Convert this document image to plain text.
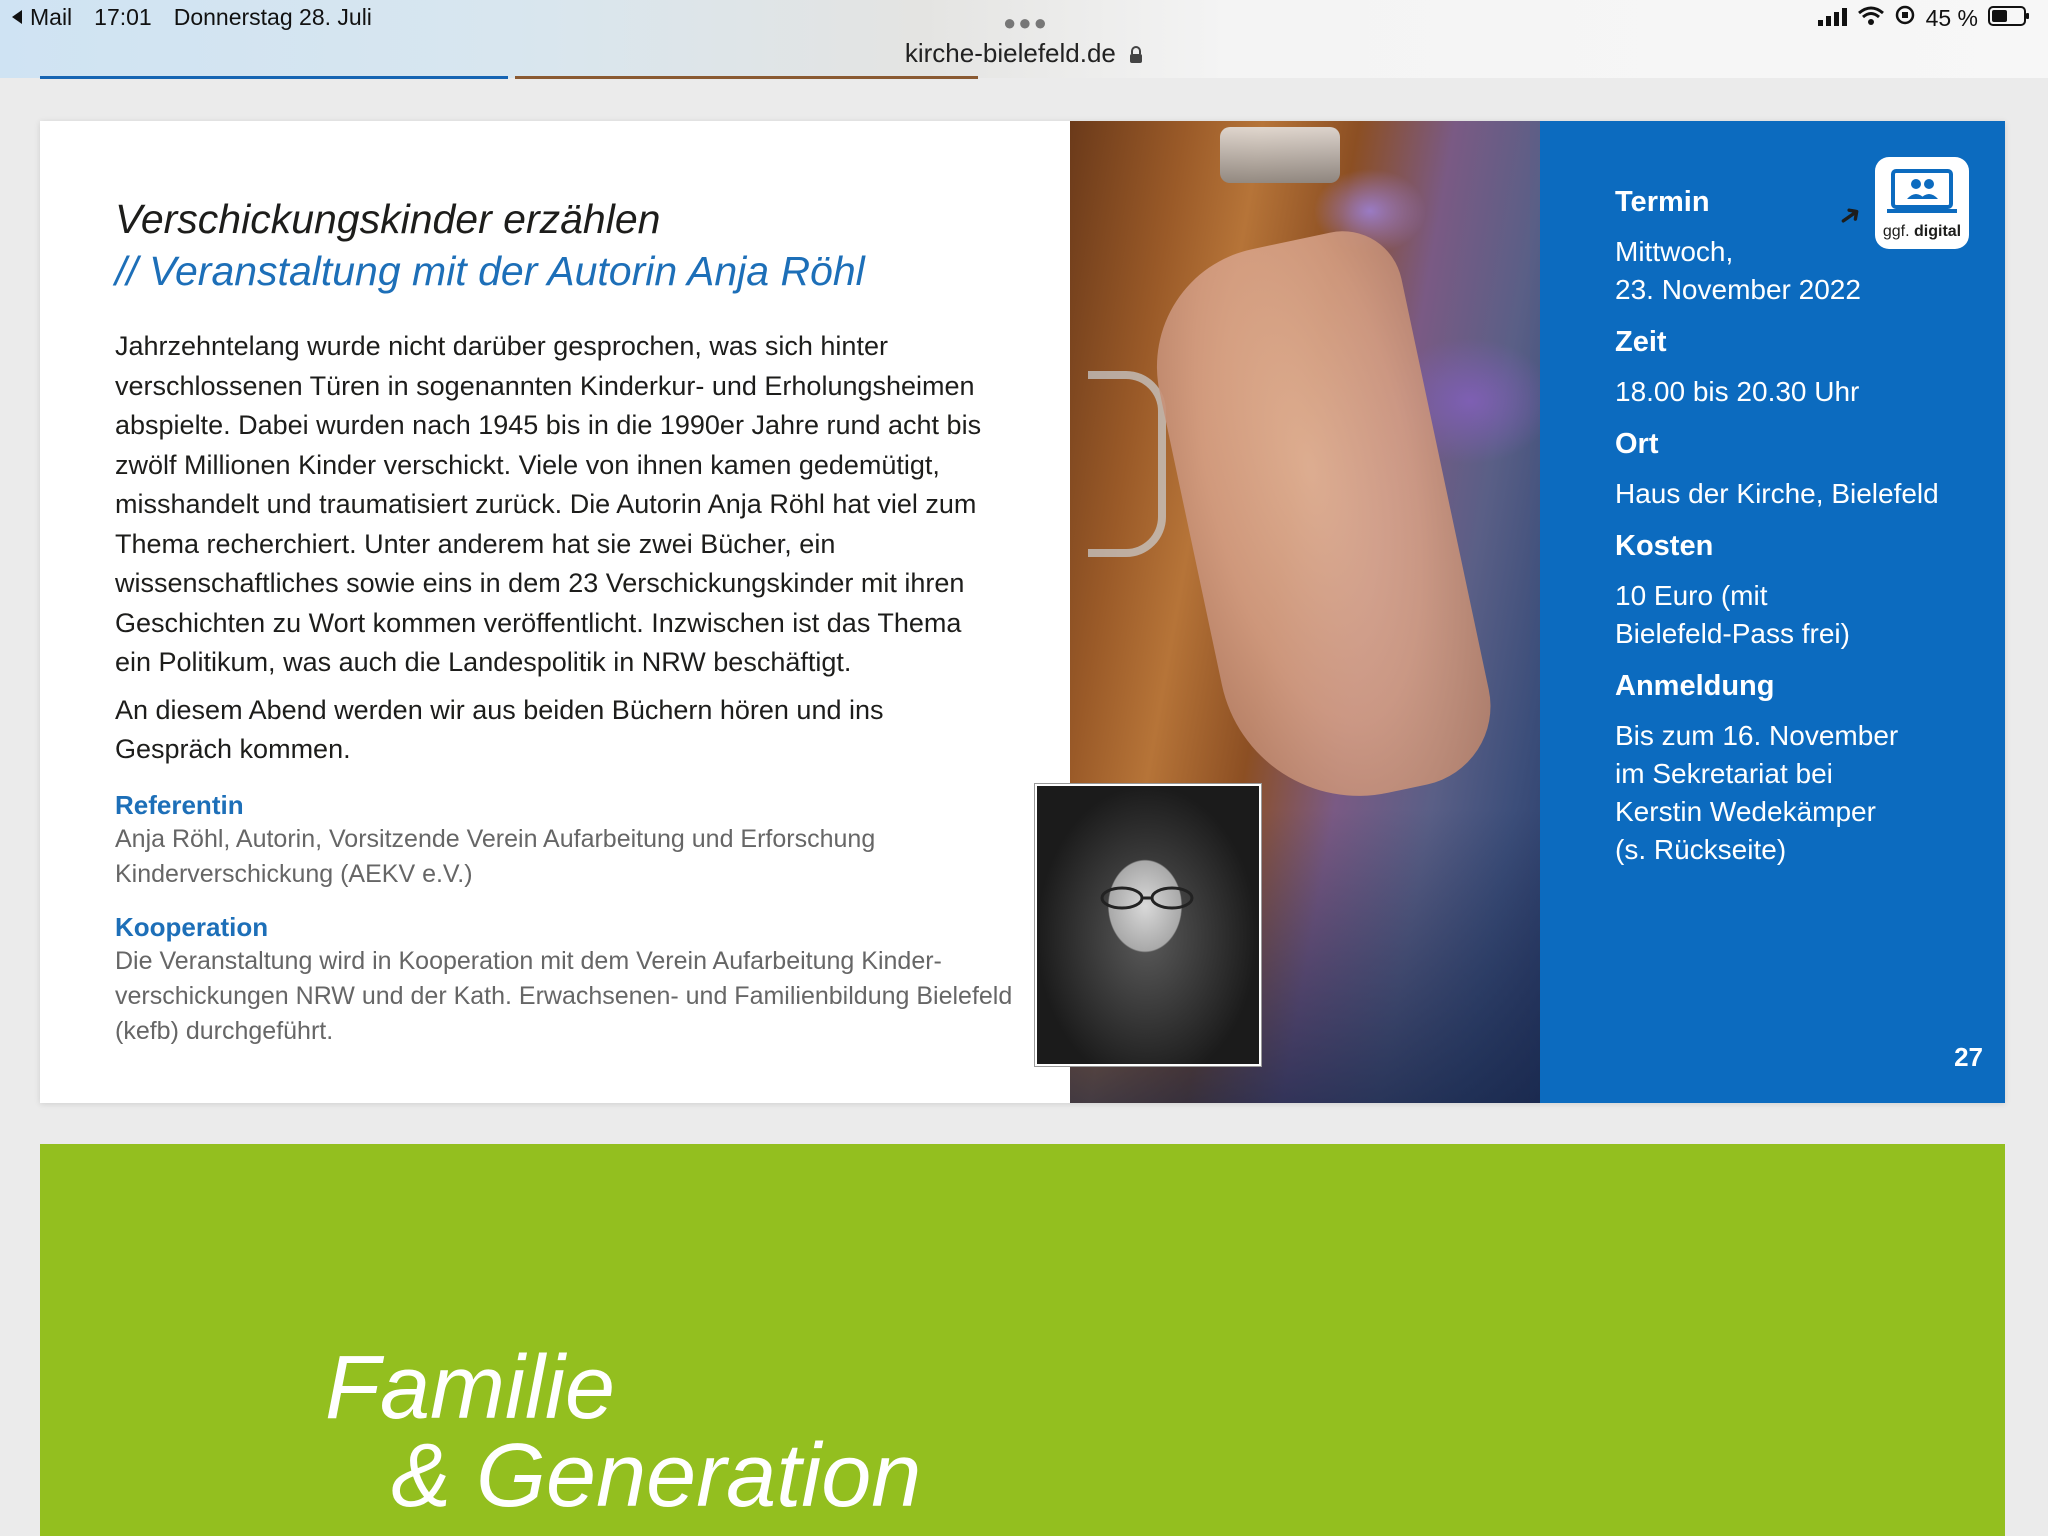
Mail 17:01 Donnerstag 28. Juli	●●●	45 %
kirche-bielefeld.de

Verschickungskinder erzählen

// Veranstaltung mit der Autorin Anja Röhl

Jahrzehntelang wurde nicht darüber gesprochen, was sich hinter verschlossenen Türen in sogenannten Kinderkur- und Erholungsheimen abspielte. Dabei wurden nach 1945 bis in die 1990er Jahre rund acht bis zwölf Millionen Kinder verschickt. Viele von ihnen kamen gedemütigt, misshandelt und traumatisiert zurück. Die Autorin Anja Röhl hat viel zum Thema recherchiert. Unter anderem hat sie zwei Bücher, ein wissenschaftliches sowie eins in dem 23 Verschickungskinder mit ihren Geschichten zu Wort kommen veröffentlicht. Inzwischen ist das Thema ein Politikum, was auch die Landespolitik in NRW beschäftigt.

An diesem Abend werden wir aus beiden Büchern hören und ins Gespräch kommen.

Referentin
Anja Röhl, Autorin, Vorsitzende Verein Aufarbeitung und Erforschung Kinderverschickung (AEKV e.V.)
Kooperation
Die Veranstaltung wird in Kooperation mit dem Verein Aufarbeitung Kinder-verschickungen NRW und der Kath. Erwachsenen- und Familienbildung Bielefeld (kefb) durchgeführt.
Termin
Mittwoch,
23. November 2022
Zeit
18.00 bis 20.30 Uhr
Ort
Haus der Kirche, Bielefeld
Kosten
10 Euro (mit
Bielefeld-Pass frei)
Anmeldung
Bis zum 16. November
im Sekretariat bei
Kerstin Wedekämper
(s. Rückseite)
➜ ggf. digital
27
Familie
& Generation
